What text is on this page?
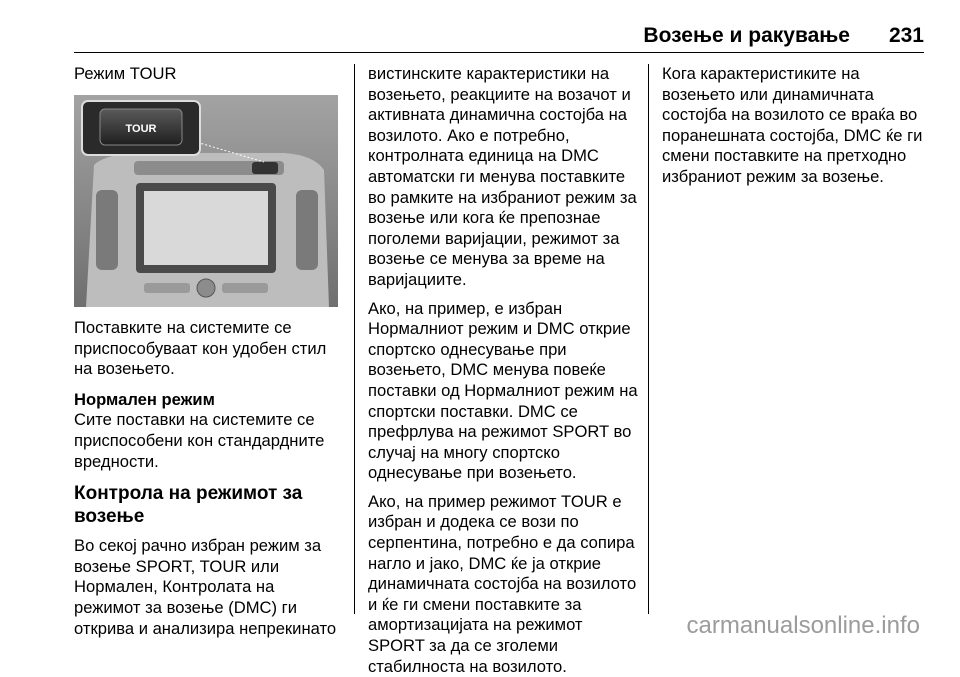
Возење и ракување 231

Режим TOUR

TOUR

Поставките на системите се приспособуваат кон удобен стил на возењето.

Нормален режим

Сите поставки на системите се приспособени кон стандардните вредности.

Контрола на режимот за возење

Во секој рачно избран режим за возење SPORT, TOUR или Нормален, Контролата на режимот за возење (DMC) ги открива и анализира непрекинато

вистинските карактеристики на возењето, реакциите на возачот и активната динамична состојба на возилото. Ако е потребно, контролната единица на DMC автоматски ги менува поставките во рамките на избраниот режим за возење или кога ќе препознае поголеми варијации, режимот за возење се менува за време на варијациите.

Ако, на пример, е избран Нормалниот режим и DMC открие спортско однесување при возењето, DMC менува повеќе поставки од Нормалниот режим на спортски поставки. DMC се префрлува на режимот SPORT во случај на многу спортско однесување при возењето.

Ако, на пример режимот TOUR е избран и додека се вози по серпентина, потребно е да сопира нагло и јако, DMC ќе ја открие динамичната состојба на возилото и ќе ги смени поставките за амортизацијата на режимот SPORT за да се зголеми стабилноста на возилото.

Кога карактеристиките на возењето или динамичната состојба на возилото се враќа во поранешната состојба, DMC ќе ги смени поставките на претходно избраниот режим за возење.

carmanualsonline.info
